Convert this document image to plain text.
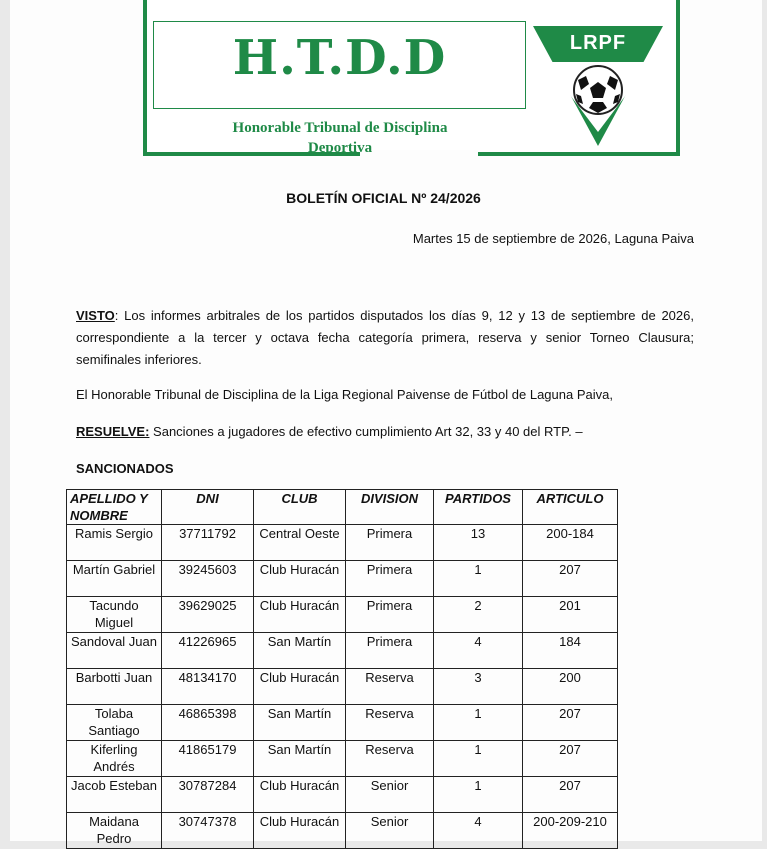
H.T.D.D
Honorable Tribunal de Disciplina
Deportiva
LRPF
BOLETÍN OFICIAL Nº 24/2026
Martes 15 de septiembre de 2026, Laguna Paiva
VISTO: Los informes arbitrales de los partidos disputados los días 9, 12 y 13 de septiembre de 2026, correspondiente a la tercer y octava fecha categoría primera, reserva y senior Torneo Clausura; semifinales inferiores.
El Honorable Tribunal de Disciplina de la Liga Regional Paivense de Fútbol de Laguna Paiva,
RESUELVE: Sanciones a jugadores de efectivo cumplimiento Art 32, 33 y 40 del RTP. –
SANCIONADOS
APELLIDO Y NOMBRE	DNI	CLUB	DIVISION	PARTIDOS	ARTICULO
Ramis Sergio	37711792	Central Oeste	Primera	13	200-184
Martín Gabriel	39245603	Club Huracán	Primera	1	207
Tacundo Miguel	39629025	Club Huracán	Primera	2	201
Sandoval Juan	41226965	San Martín	Primera	4	184
Barbotti Juan	48134170	Club Huracán	Reserva	3	200
Tolaba Santiago	46865398	San Martín	Reserva	1	207
Kiferling Andrés	41865179	San Martín	Reserva	1	207
Jacob Esteban	30787284	Club Huracán	Senior	1	207
Maidana Pedro	30747378	Club Huracán	Senior	4	200-209-210
